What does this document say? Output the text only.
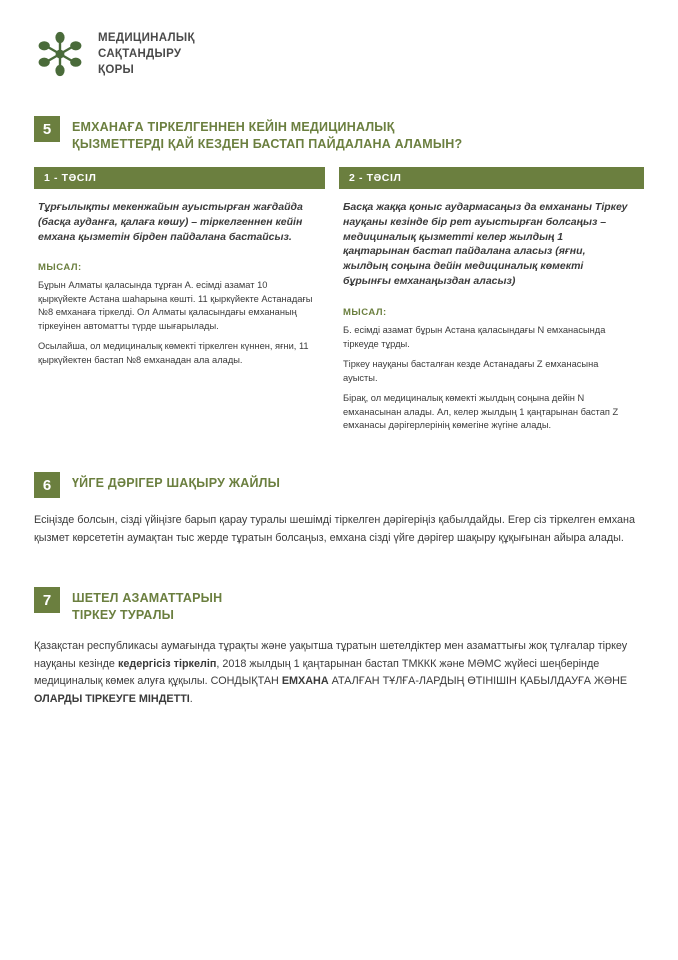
МЕДИЦИНАЛЫҚ
САҚТАНДЫРУ
ҚОРЫ
5	ЕМХАНАҒА ТІРКЕЛГЕННЕН КЕЙІН МЕДИЦИНАЛЫҚ
ҚЫЗМЕТТЕРДІ ҚАЙ КЕЗДЕН БАСТАП ПАЙДАЛАНА АЛАМЫН?
1 - ТӘСІЛ

Тұрғылықты мекенжайын ауыстырған жағдайда (басқа ауданға, қалаға көшу) – тіркелгеннен кейін емхана қызметін бірден пайдалана бастайсыз.

МЫСАЛ:

Бұрын Алматы қаласында тұрған А. есімді азамат 10 қыркүйекте Астана шаһарына көшті. 11 қыркүйекте Астанадағы №8 емханаға тіркелді. Ол Алматы қаласындағы емхананың тіркеуінен автоматты түрде шығарылады.

Осылайша, ол медициналық көмекті тіркелген күннен, яғни, 11 қыркүйектен бастап №8 емханадан ала алады.

2 - ТӘСІЛ

Басқа жаққа қоныс аудармасаңыз да емхананы Тіркеу науқаны кезінде бір рет ауыстырған болсаңыз – медициналық қызметті келер жылдың 1 қаңтарынан бастап пайдалана аласыз (яғни, жылдың соңына дейін медициналық көмекті бұрынғы емханаңыздан аласыз)

МЫСАЛ:

Б. есімді азамат бұрын Астана қаласындағы N емханасында тіркеуде тұрды.

Тіркеу науқаны басталған кезде Астанадағы Z емханасына ауысты.

Бірақ, ол медициналық көмекті жылдың соңына дейін N емханасынан алады. Ал, келер жылдың 1 қаңтарынан бастап Z емханасы дәрігерлерінің көмегіне жүгіне алады.

6	ҮЙГЕ ДӘРІГЕР ШАҚЫРУ ЖАЙЛЫ

Есіңізде болсын, сізді үйіңізге барып қарау туралы шешімді тіркелген дәрігеріңіз қабылдайды. Егер сіз тіркелген емхана қызмет көрсететін аумақтан тыс жерде тұратын болсаңыз, емхана сізді үйге дәрігер шақыру құқығынан айыра алады.

7	ШЕТЕЛ АЗАМАТТАРЫН
ТІРКЕУ ТУРАЛЫ

Қазақстан республикасы аумағында тұрақты және уақытша тұратын шетелдіктер мен азаматтығы жоқ тұлғалар тіркеу науқаны кезінде кедергісіз тіркеліп, 2018 жылдың 1 қаңтарынан бастап ТМККК және МӘМС жүйесі шеңберінде медициналық көмек алуға құқылы. СОНДЫҚТАН ЕМХАНА АТАЛҒАН ТҰЛҒА-ЛАРДЫҢ ӨТІНІШІН ҚАБЫЛДАУҒА ЖӘНЕ ОЛАРДЫ ТІРКЕУГЕ МІНДЕТТІ.
